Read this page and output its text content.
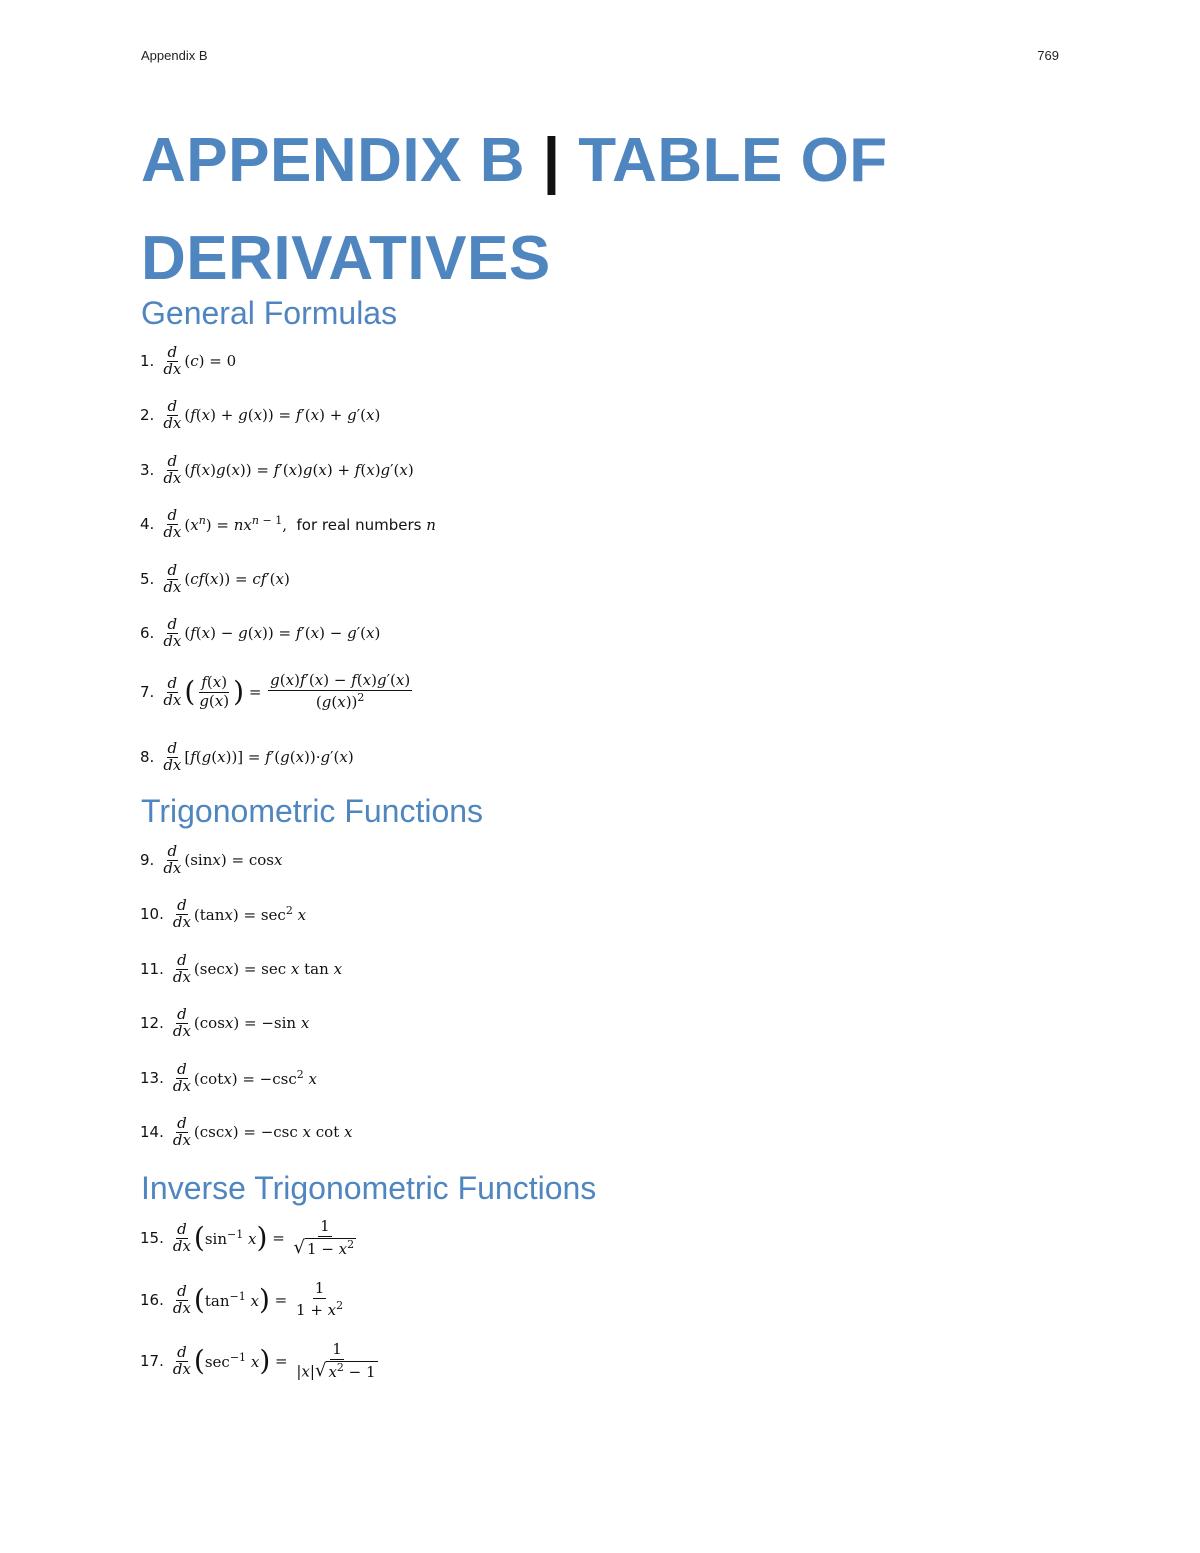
Appendix B	769
APPENDIX B | TABLE OF DERIVATIVES
General Formulas
1. $\frac{d}{dx} (c) = 0$
2. $\frac{d}{dx} (f(x) + g(x)) = f'(x) + g'(x)$
3. $\frac{d}{dx} (f(x)g(x)) = f'(x)g(x) + f(x)g'(x)$
4. $\frac{d}{dx} (x^n) = nx^{n - 1}$,  for real numbers n
5. $\frac{d}{dx} (cf(x)) = cf'(x)$
6. $\frac{d}{dx} (f(x) - g(x)) = f'(x) - g'(x)$
7. $\frac{d}{dx}$ ( $\frac{f(x)}{g(x)}$ ) = $\frac{g(x)f'(x) - f(x)g'(x)}{(g(x))^2}$
8. $\frac{d}{dx} [f(g(x))] = f'(g(x))\cdot g'(x)$
Trigonometric Functions
9. $\frac{d}{dx} (\sin x) = \cos x$
10. $\frac{d}{dx} (\tan x) = \sec^2 x$
11. $\frac{d}{dx} (\sec x) = \sec x$ tan x
12. $\frac{d}{dx} (\cos x) = -\sin$ x
13. $\frac{d}{dx} (\cot x) = -\csc^2$ x
14. $\frac{d}{dx} (\csc x) = -\csc$ x cot x
Inverse Trigonometric Functions
15. $\frac{d}{dx}$ ( $\sin^{-1} x$ ) = $\frac{1}{√ 1 - x^2}$
16. $\frac{d}{dx}$ ( $\tan^{-1} x$ ) = $\frac{1}{1 + x^2}$
17. $\frac{d}{dx}$ ( $\sec^{-1} x$ ) = $\frac{1}{|x| √ x^2 - 1}$
